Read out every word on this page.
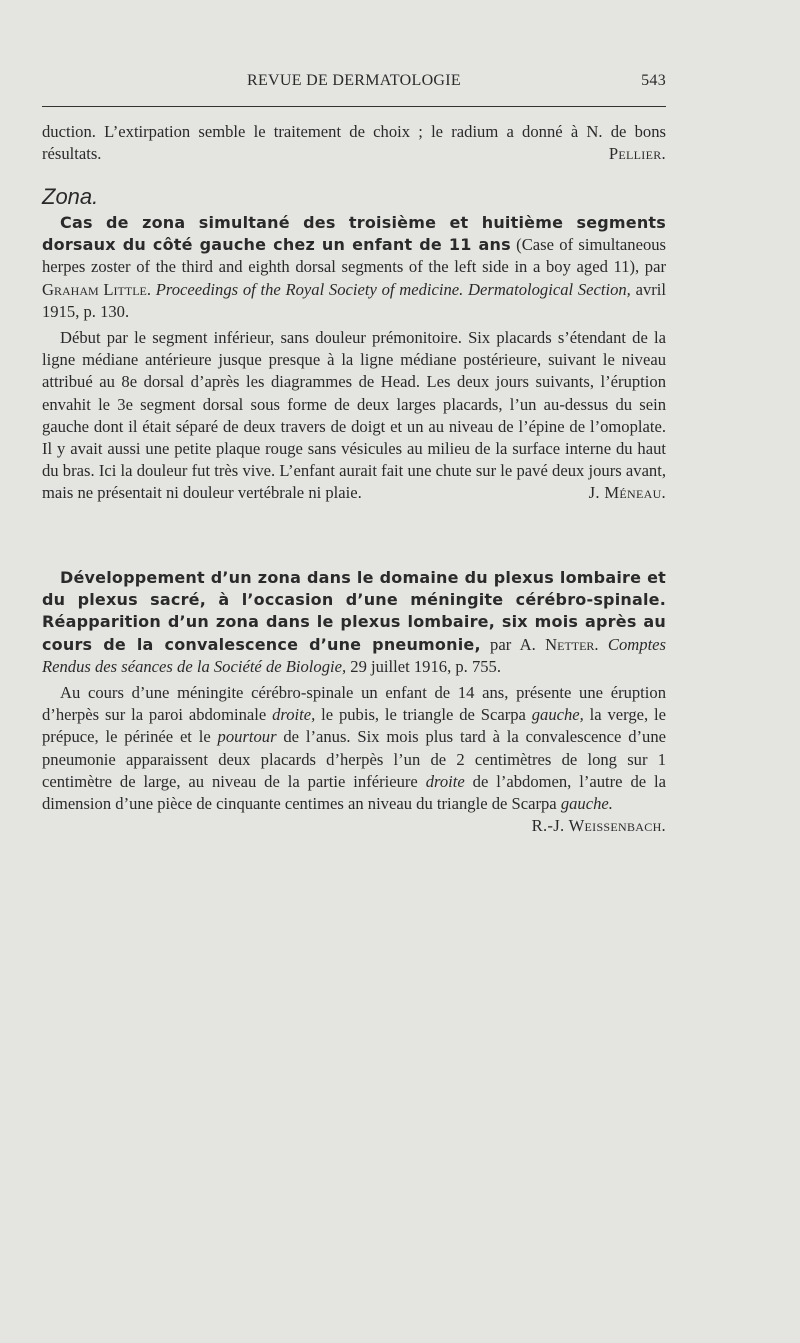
REVUE DE DERMATOLOGIE	543

duction. L’extirpation semble le traitement de choix ; le radium a donné à N. de bons résultats.	Pellier.

Zona.

Cas de zona simultané des troisième et huitième segments dorsaux du côté gauche chez un enfant de 11 ans (Case of simultaneous herpes zoster of the third and eighth dorsal segments of the left side in a boy aged 11), par Graham Little. Proceedings of the Royal Society of medicine. Dermatological Section, avril 1915, p. 130.

Début par le segment inférieur, sans douleur prémonitoire. Six placards s’étendant de la ligne médiane antérieure jusque presque à la ligne médiane postérieure, suivant le niveau attribué au 8e dorsal d’après les diagrammes de Head. Les deux jours suivants, l’éruption envahit le 3e segment dorsal sous forme de deux larges placards, l’un au-dessus du sein gauche dont il était séparé de deux travers de doigt et un au niveau de l’épine de l’omoplate. Il y avait aussi une petite plaque rouge sans vésicules au milieu de la surface interne du haut du bras. Ici la douleur fut très vive. L’enfant aurait fait une chute sur le pavé deux jours avant, mais ne présentait ni douleur vertébrale ni plaie.	J. Méneau.

Développement d’un zona dans le domaine du plexus lombaire et du plexus sacré, à l’occasion d’une méningite cérébro-spinale. Réapparition d’un zona dans le plexus lombaire, six mois après au cours de la convalescence d’une pneumonie, par A. Netter. Comptes Rendus des séances de la Société de Biologie, 29 juillet 1916, p. 755.

Au cours d’une méningite cérébro-spinale un enfant de 14 ans, présente une éruption d’herpès sur la paroi abdominale droite, le pubis, le triangle de Scarpa gauche, la verge, le prépuce, le périnée et le pourtour de l’anus. Six mois plus tard à la convalescence d’une pneumonie apparaissent deux placards d’herpès l’un de 2 centimètres de long sur 1 centimètre de large, au niveau de la partie inférieure droite de l’abdomen, l’autre de la dimension d’une pièce de cinquante centimes an niveau du triangle de Scarpa gauche.
R.-J. Weissenbach.
